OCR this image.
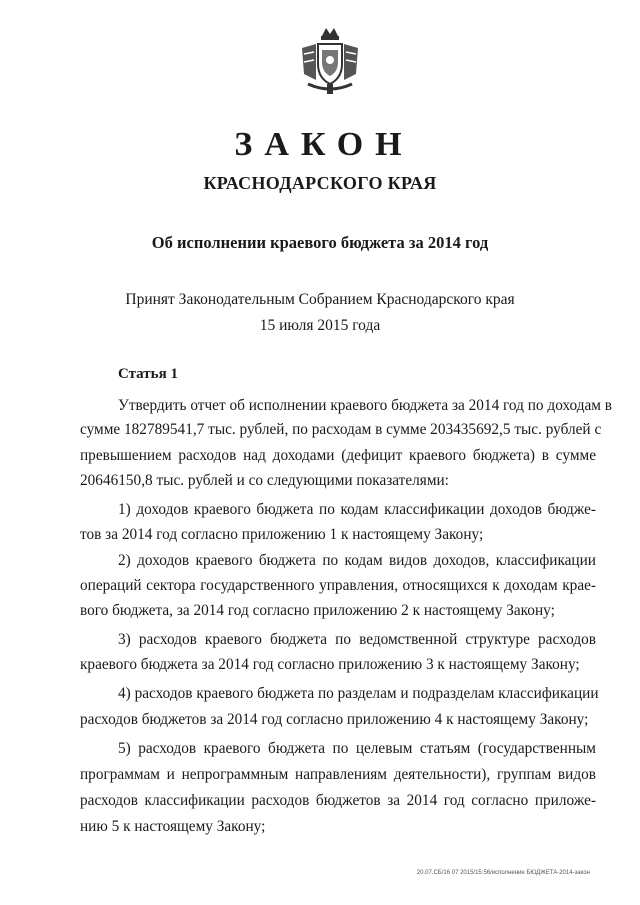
ЗАКОН
КРАСНОДАРСКОГО КРАЯ
Об исполнении краевого бюджета за 2014 год
Принят Законодательным Собранием Краснодарского края
15 июля 2015 года
Статья 1
Утвердить отчет об исполнении краевого бюджета за 2014 год по доходам в
сумме 182789541,7 тыс. рублей, по расходам в сумме 203435692,5 тыс. рублей с
превышением расходов над доходами (дефицит краевого бюджета) в сумме
20646150,8 тыс. рублей и со следующими показателями:
1) доходов краевого бюджета по кодам классификации доходов бюдже-
тов за 2014 год согласно приложению 1 к настоящему Закону;
2) доходов краевого бюджета по кодам видов доходов, классификации
операций сектора государственного управления, относящихся к доходам крае-
вого бюджета, за 2014 год согласно приложению 2 к настоящему Закону;
3) расходов краевого бюджета по ведомственной структуре расходов
краевого бюджета за 2014 год согласно приложению 3 к настоящему Закону;
4) расходов краевого бюджета по разделам и подразделам классификации
расходов бюджетов за 2014 год согласно приложению 4 к настоящему Закону;
5) расходов краевого бюджета по целевым статьям (государственным
программам и непрограммным направлениям деятельности), группам видов
расходов классификации расходов бюджетов за 2014 год согласно приложе-
нию 5 к настоящему Закону;
20.07.СБ/16 07 2015/15:56/исполнение БЮДЖЕТА-2014-закон
